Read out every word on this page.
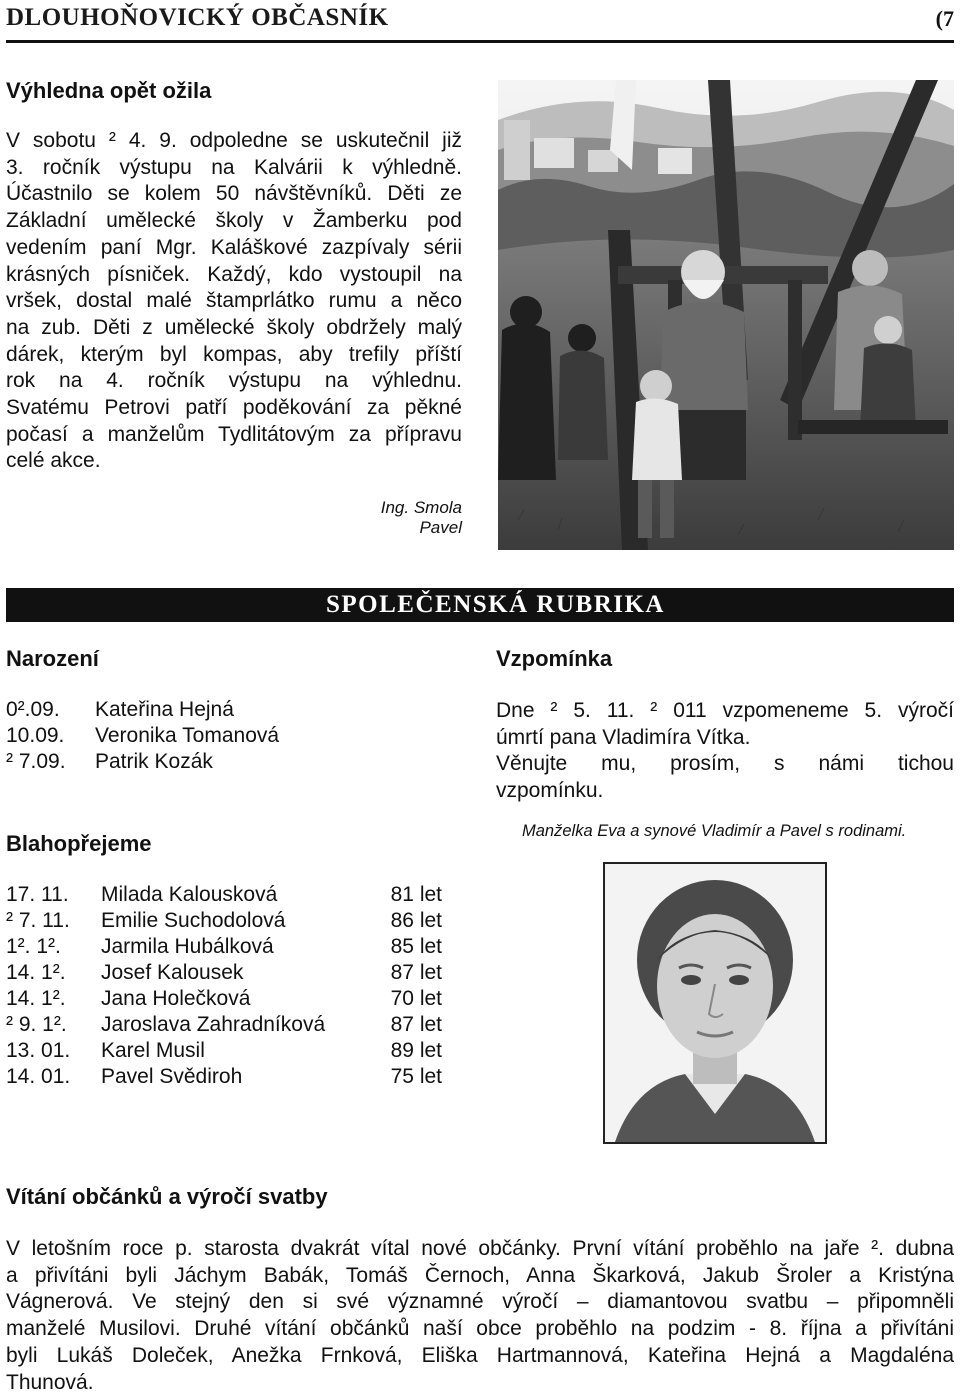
DLOUHOŇOVICKÝ OBČASNÍK	(7
Výhledna opět ožila

V sobotu ² 4. 9. odpoledne se uskutečnil již

3. ročník výstupu na Kalvárii k výhledně.

Účastnilo se kolem 50 návštěvníků. Děti ze

Základní umělecké školy v Žamberku pod

vedením paní Mgr. Kaláškové zazpívaly sérii

krásných písniček. Každý, kdo vystoupil na

vršek, dostal malé štamprlátko rumu a něco

na zub. Děti z umělecké školy obdržely malý

dárek, kterým byl kompas, aby trefily příští

rok na 4. ročník výstupu na výhlednu.

Svatému Petrovi patří poděkování za pěkné

počasí a manželům Tydlitátovým za přípravu

celé akce.

Ing. Smola Pavel
SPOLEČENSKÁ RUBRIKA
Narození
0².09. Kateřina Hejná
10.09. Veronika Tomanová
² 7.09. Patrik Kozák
Blahopřejeme
17. 11. Milada Kalousková	81 let
² 7. 11. Emilie Suchodolová	86 let
1². 1². Jarmila Hubálková	85 let
14. 1². Josef Kalousek	87 let
14. 1². Jana Holečková	70 let
² 9. 1². Jaroslava Zahradníková	87 let
13. 01. Karel Musil	89 let
14. 01. Pavel Svědiroh	75 let
Vzpomínka

Dne ² 5. 11. ² 011 vzpomeneme 5. výročí

úmrtí pana Vladimíra Vítka.

Věnujte mu, prosím, s námi tichou

vzpomínku.

Manželka Eva a synové Vladimír a Pavel s rodinami.
Vítání občánků a výročí svatby

V letošním roce p. starosta dvakrát vítal nové občánky. První vítání proběhlo na jaře ². dubna

a přivítáni byli Jáchym Babák, Tomáš Černoch, Anna Škarková, Jakub Šroler a Kristýna

Vágnerová. Ve stejný den si své významné výročí – diamantovou svatbu – připomněli

manželé Musilovi. Druhé vítání občánků naší obce proběhlo na podzim - 8. října a přivítáni

byli Lukáš Doleček, Anežka Frnková, Eliška Hartmannová, Kateřina Hejná a Magdaléna

Thunová.
